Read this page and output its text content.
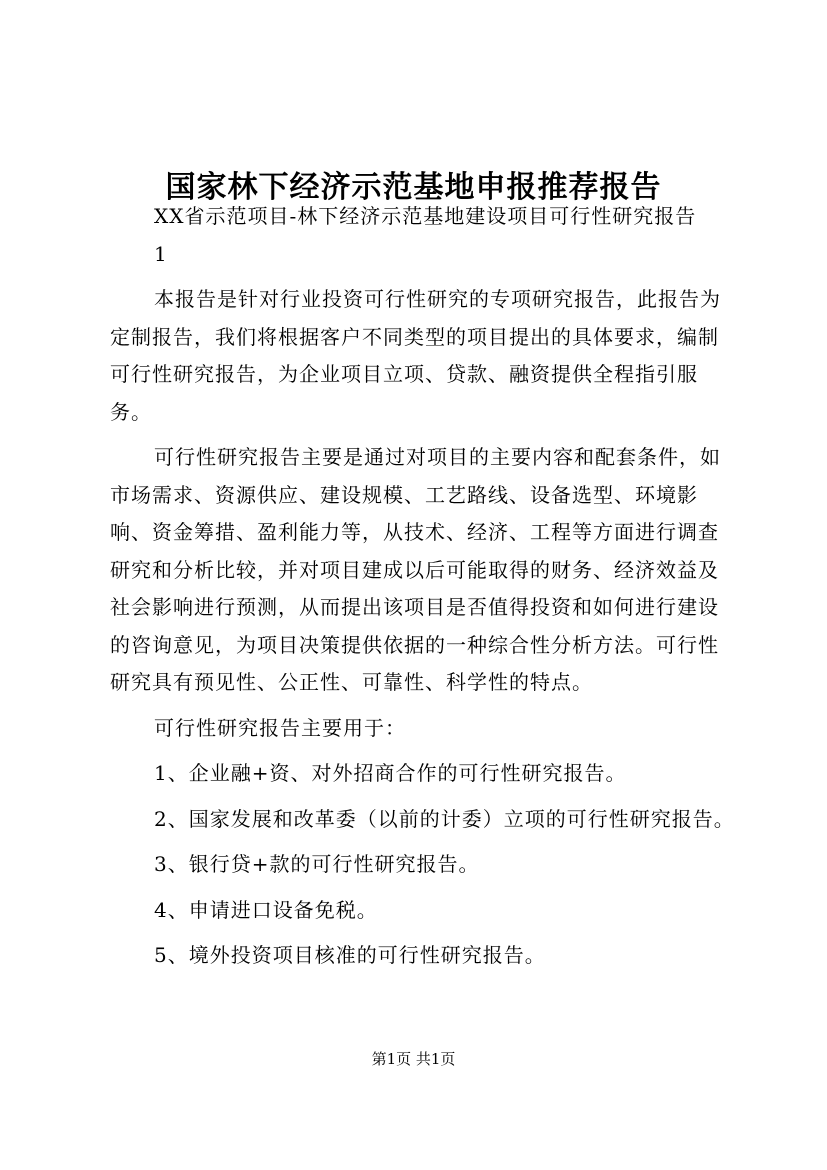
国家林下经济示范基地申报推荐报告

XX省示范项目-林下经济示范基地建设项目可行性研究报告

1

本报告是针对行业投资可行性研究的专项研究报告，此报告为定制报告，我们将根据客户不同类型的项目提出的具体要求，编制可行性研究报告，为企业项目立项、贷款、融资提供全程指引服务。

可行性研究报告主要是通过对项目的主要内容和配套条件，如市场需求、资源供应、建设规模、工艺路线、设备选型、环境影响、资金筹措、盈利能力等，从技术、经济、工程等方面进行调查研究和分析比较，并对项目建成以后可能取得的财务、经济效益及社会影响进行预测，从而提出该项目是否值得投资和如何进行建设的咨询意见，为项目决策提供依据的一种综合性分析方法。可行性研究具有预见性、公正性、可靠性、科学性的特点。

可行性研究报告主要用于：

1、企业融+资、对外招商合作的可行性研究报告。

2、国家发展和改革委（以前的计委）立项的可行性研究报告。

3、银行贷+款的可行性研究报告。

4、申请进口设备免税。

5、境外投资项目核准的可行性研究报告。

第1页 共1页
